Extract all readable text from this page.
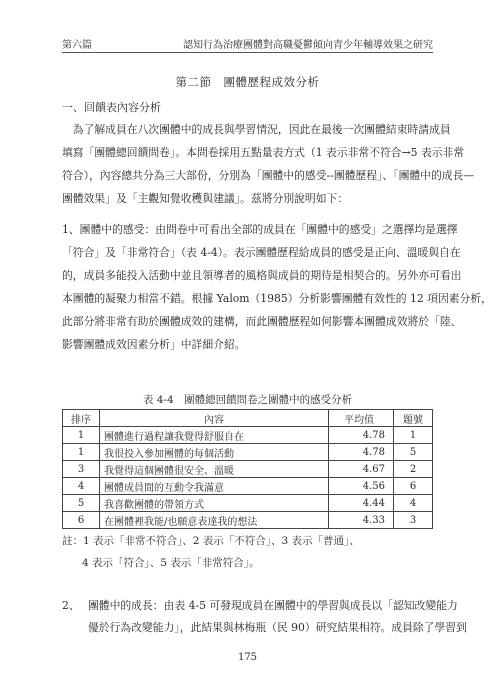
第六篇	認知行為治療團體對高職憂鬱傾向青少年輔導效果之研究
第二節　團體歷程成效分析
一、回饋表內容分析
　為了解成員在八次團體中的成長與學習情況，因此在最後一次團體結束時請成員
填寫「團體總回饋問卷」。本問卷採用五點量表方式（1 表示非常不符合→5 表示非常
符合），內容總共分為三大部份，分別為「團體中的感受--團體歷程」、「團體中的成長—
團體效果」及「主觀知覺收穫與建議」。茲將分別說明如下：
1、團體中的感受：由問卷中可看出全部的成員在「團體中的感受」之選擇均是選擇
「符合」及「非常符合」（表 4-4）。表示團體歷程給成員的感受是正向、溫暖與自在
的，成員多能投入活動中並且領導者的風格與成員的期待是相契合的。另外亦可看出
本團體的凝聚力相當不錯。根據 Yalom（1985）分析影響團體有效性的 12 項因素分析，
此部分將非常有助於團體成效的建構，而此團體歷程如何影響本團體成效將於「陸、
影響團體成效因素分析」中詳細介紹。
表 4-4　團體總回饋問卷之團體中的感受分析
排序	內容	平均值	題號
1	團體進行過程讓我覺得舒服自在	4.78	1
1	我很投入參加團體的每個活動	4.78	5
3	我覺得這個團體很安全、溫暖	4.67	2
4	團體成員間的互動令我滿意	4.56	6
5	我喜歡團體的帶領方式	4.44	4
6	在團體裡我能/也願意表達我的想法	4.33	3
註：1 表示「非常不符合」、2 表示「不符合」、3 表示「普通」、
4 表示「符合」、5 表示「非常符合」。
2、 團體中的成長：由表 4-5 可發現成員在團體中的學習與成長以「認知改變能力
優於行為改變能力」，此結果與林梅瓶（民 90）研究結果相符。成員除了學習到
175
